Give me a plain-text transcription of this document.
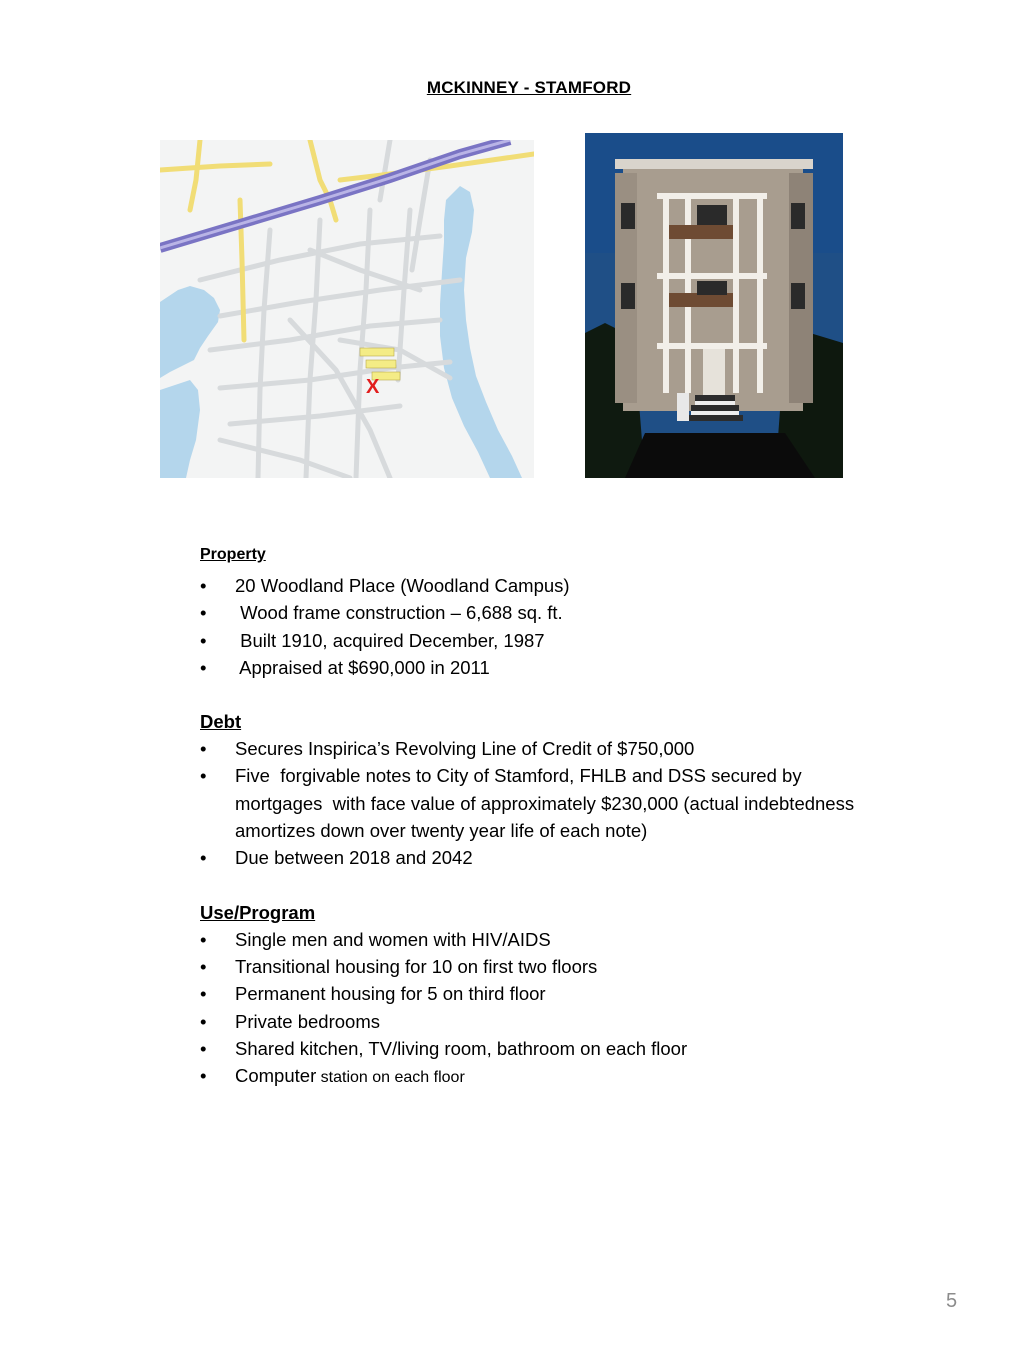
MCKINNEY - STAMFORD
X
Property
• 20 Woodland Place (Woodland Campus)
• Wood frame construction – 6,688 sq. ft.
• Built 1910, acquired December, 1987
• Appraised at $690,000 in 2011
Debt
• Secures Inspirica’s Revolving Line of Credit of $750,000
• Five  forgivable notes to City of Stamford, FHLB and DSS secured by mortgages  with face value of approximately $230,000 (actual indebtedness amortizes down over twenty year life of each note)
• Due between 2018 and 2042
Use/Program
• Single men and women with HIV/AIDS
• Transitional housing for 10 on first two floors
• Permanent housing for 5 on third floor
• Private bedrooms
• Shared kitchen, TV/living room, bathroom on each floor
• Computer station on each floor
5
